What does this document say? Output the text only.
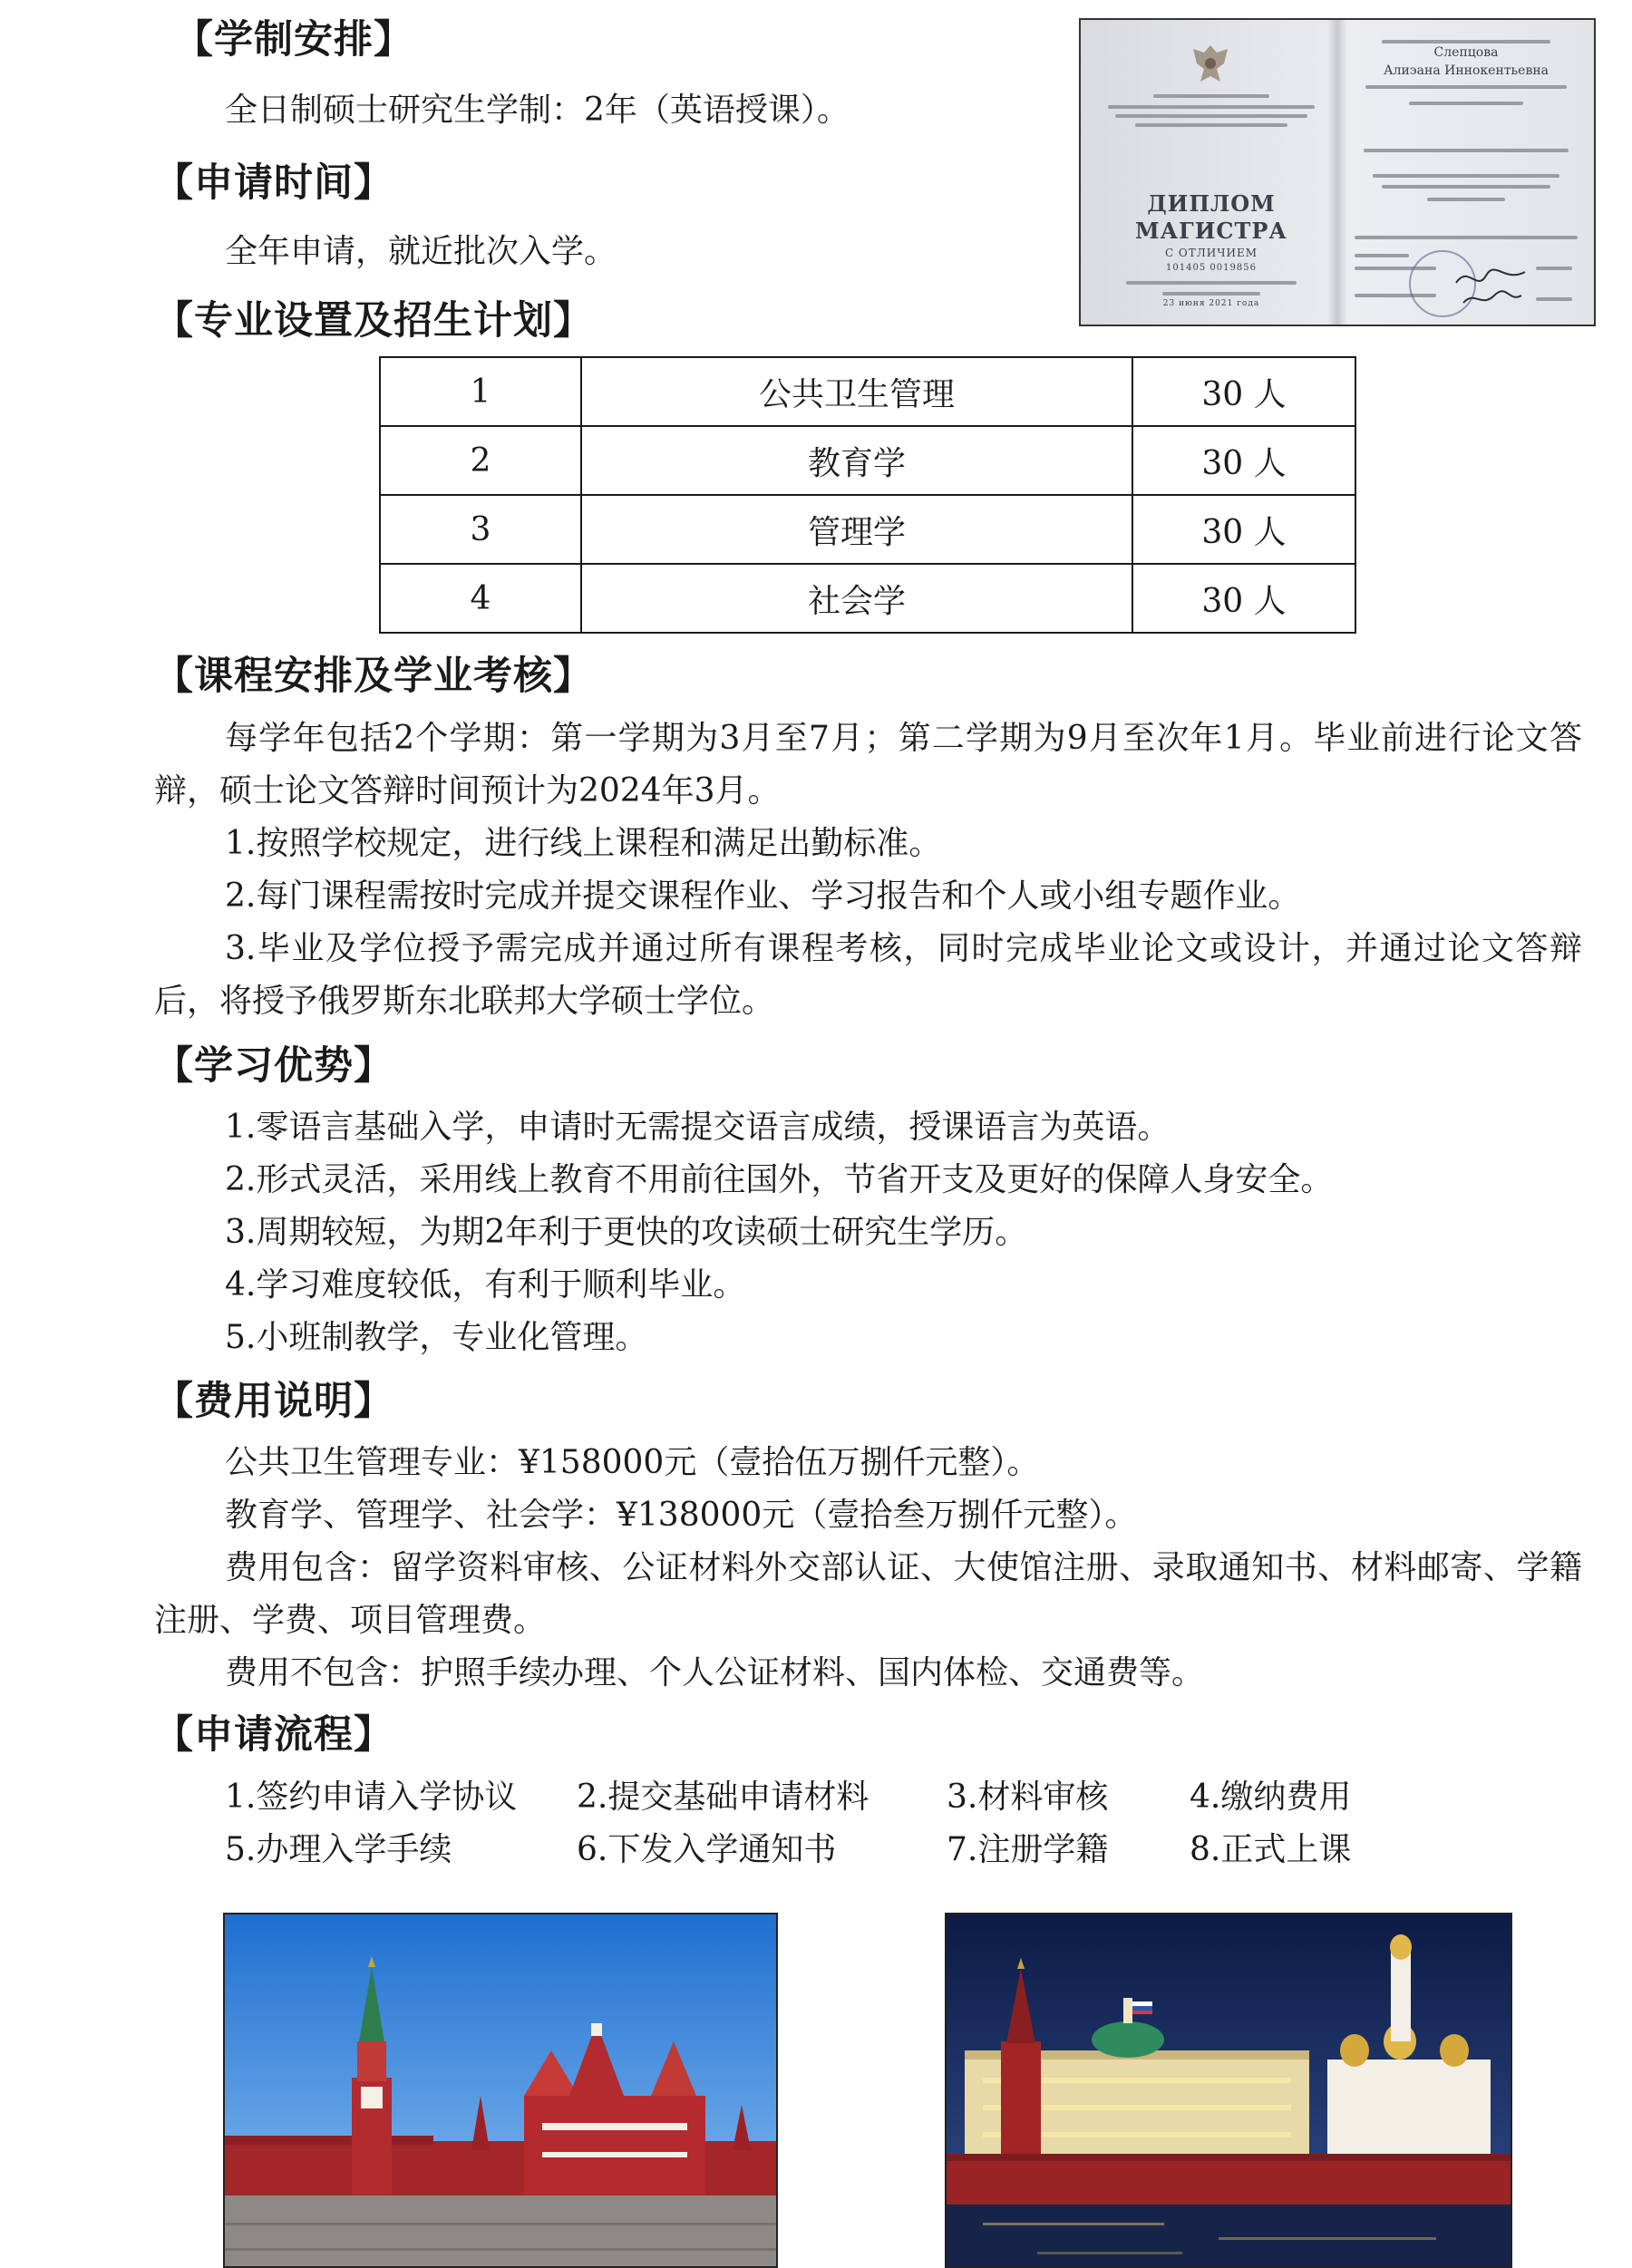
【学制安排】
全日制硕士研究生学制：2年（英语授课）。
【申请时间】
全年申请，就近批次入学。
ДИПЛОМ
МАГИСТРА
С ОТЛИЧИЕМ
101405 0019856
23 июня 2021 года
Слепцова
Алиэана Иннокентьевна
【专业设置及招生计划】
1	公共卫生管理	30 人
2	教育学	30 人
3	管理学	30 人
4	社会学	30 人
【课程安排及学业考核】

每学年包括2个学期：第一学期为3月至7月；第二学期为9月至次年1月。毕业前进行论文答辩，硕士论文答辩时间预计为2024年3月。

1.按照学校规定，进行线上课程和满足出勤标准。
2.每门课程需按时完成并提交课程作业、学习报告和个人或小组专题作业。

3.毕业及学位授予需完成并通过所有课程考核，同时完成毕业论文或设计，并通过论文答辩后，将授予俄罗斯东北联邦大学硕士学位。

【学习优势】
1.零语言基础入学，申请时无需提交语言成绩，授课语言为英语。
2.形式灵活，采用线上教育不用前往国外，节省开支及更好的保障人身安全。
3.周期较短，为期2年利于更快的攻读硕士研究生学历。
4.学习难度较低，有利于顺利毕业。
5.小班制教学，专业化管理。
【费用说明】
公共卫生管理专业：¥158000元（壹拾伍万捌仟元整）。
教育学、管理学、社会学：¥138000元（壹拾叁万捌仟元整）。

费用包含：留学资料审核、公证材料外交部认证、大使馆注册、录取通知书、材料邮寄、学籍注册、学费、项目管理费。

费用不包含：护照手续办理、个人公证材料、国内体检、交通费等。
【申请流程】
1.签约申请入学协议 2.提交基础申请材料 3.材料审核 4.缴纳费用
5.办理入学手续	6.下发入学通知书	7.注册学籍 8.正式上课
